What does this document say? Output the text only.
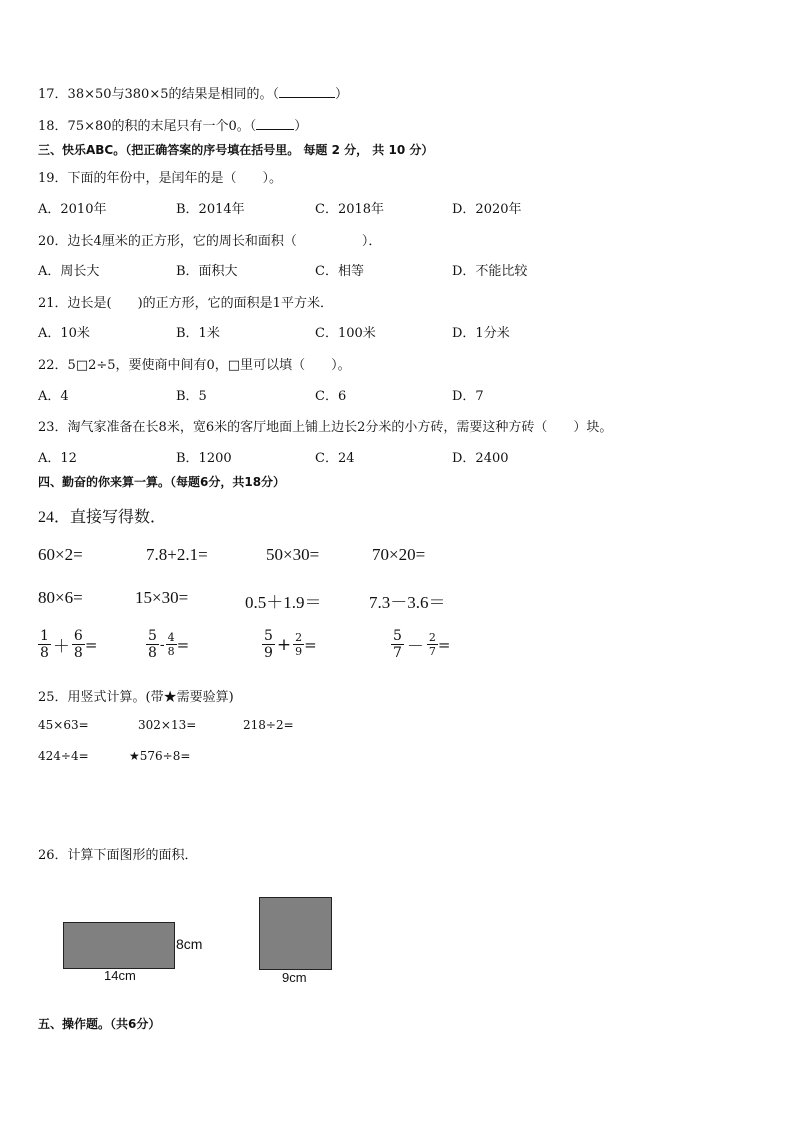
17．38×50与380×5的结果是相同的。（	）
18．75×80的积的末尾只有一个0。（	）
三、快乐ABC。（把正确答案的序号填在括号里。 每题 2 分， 共 10 分）
19．下面的年份中，是闰年的是（　　）。
A．2010年	B．2014年	C．2018年	D．2020年
20．边长4厘米的正方形，它的周长和面积（　　　　　）．
A．周长大	B．面积大	C．相等	D．不能比较
21．边长是(　　)的正方形，它的面积是1平方米．
A．10米	B．1米	C．100米	D．1分米
22．5□2÷5，要使商中间有0，□里可以填（　　）。
A．4	B．5	C．6	D．7
23．淘气家准备在长8米，宽6米的客厅地面上铺上边长2分米的小方砖，需要这种方砖（　　）块。
A．12	B．1200	C．24	D．2400
四、勤奋的你来算一算。（每题6分，共18分）
24．直接写得数．
60×2=	7.8+2.1=	50×30=	70×20=
80×6=	15×30=	0.5＋1.9＝	7.3－3.6＝
$\frac{1}{8} + \frac{6}{8}$ =	$\frac{5}{8} - \frac{4}{8}$ =	$\frac{5}{9} + \frac{2}{9}$ =	$\frac{5}{7} - \frac{2}{7}$ =
25．用竖式计算。(带★需要验算)
45×63=	302×13=	218÷2=
424÷4=	★576÷8=
26．计算下面图形的面积．
8cm
14cm	9cm
五、操作题。（共6分）
